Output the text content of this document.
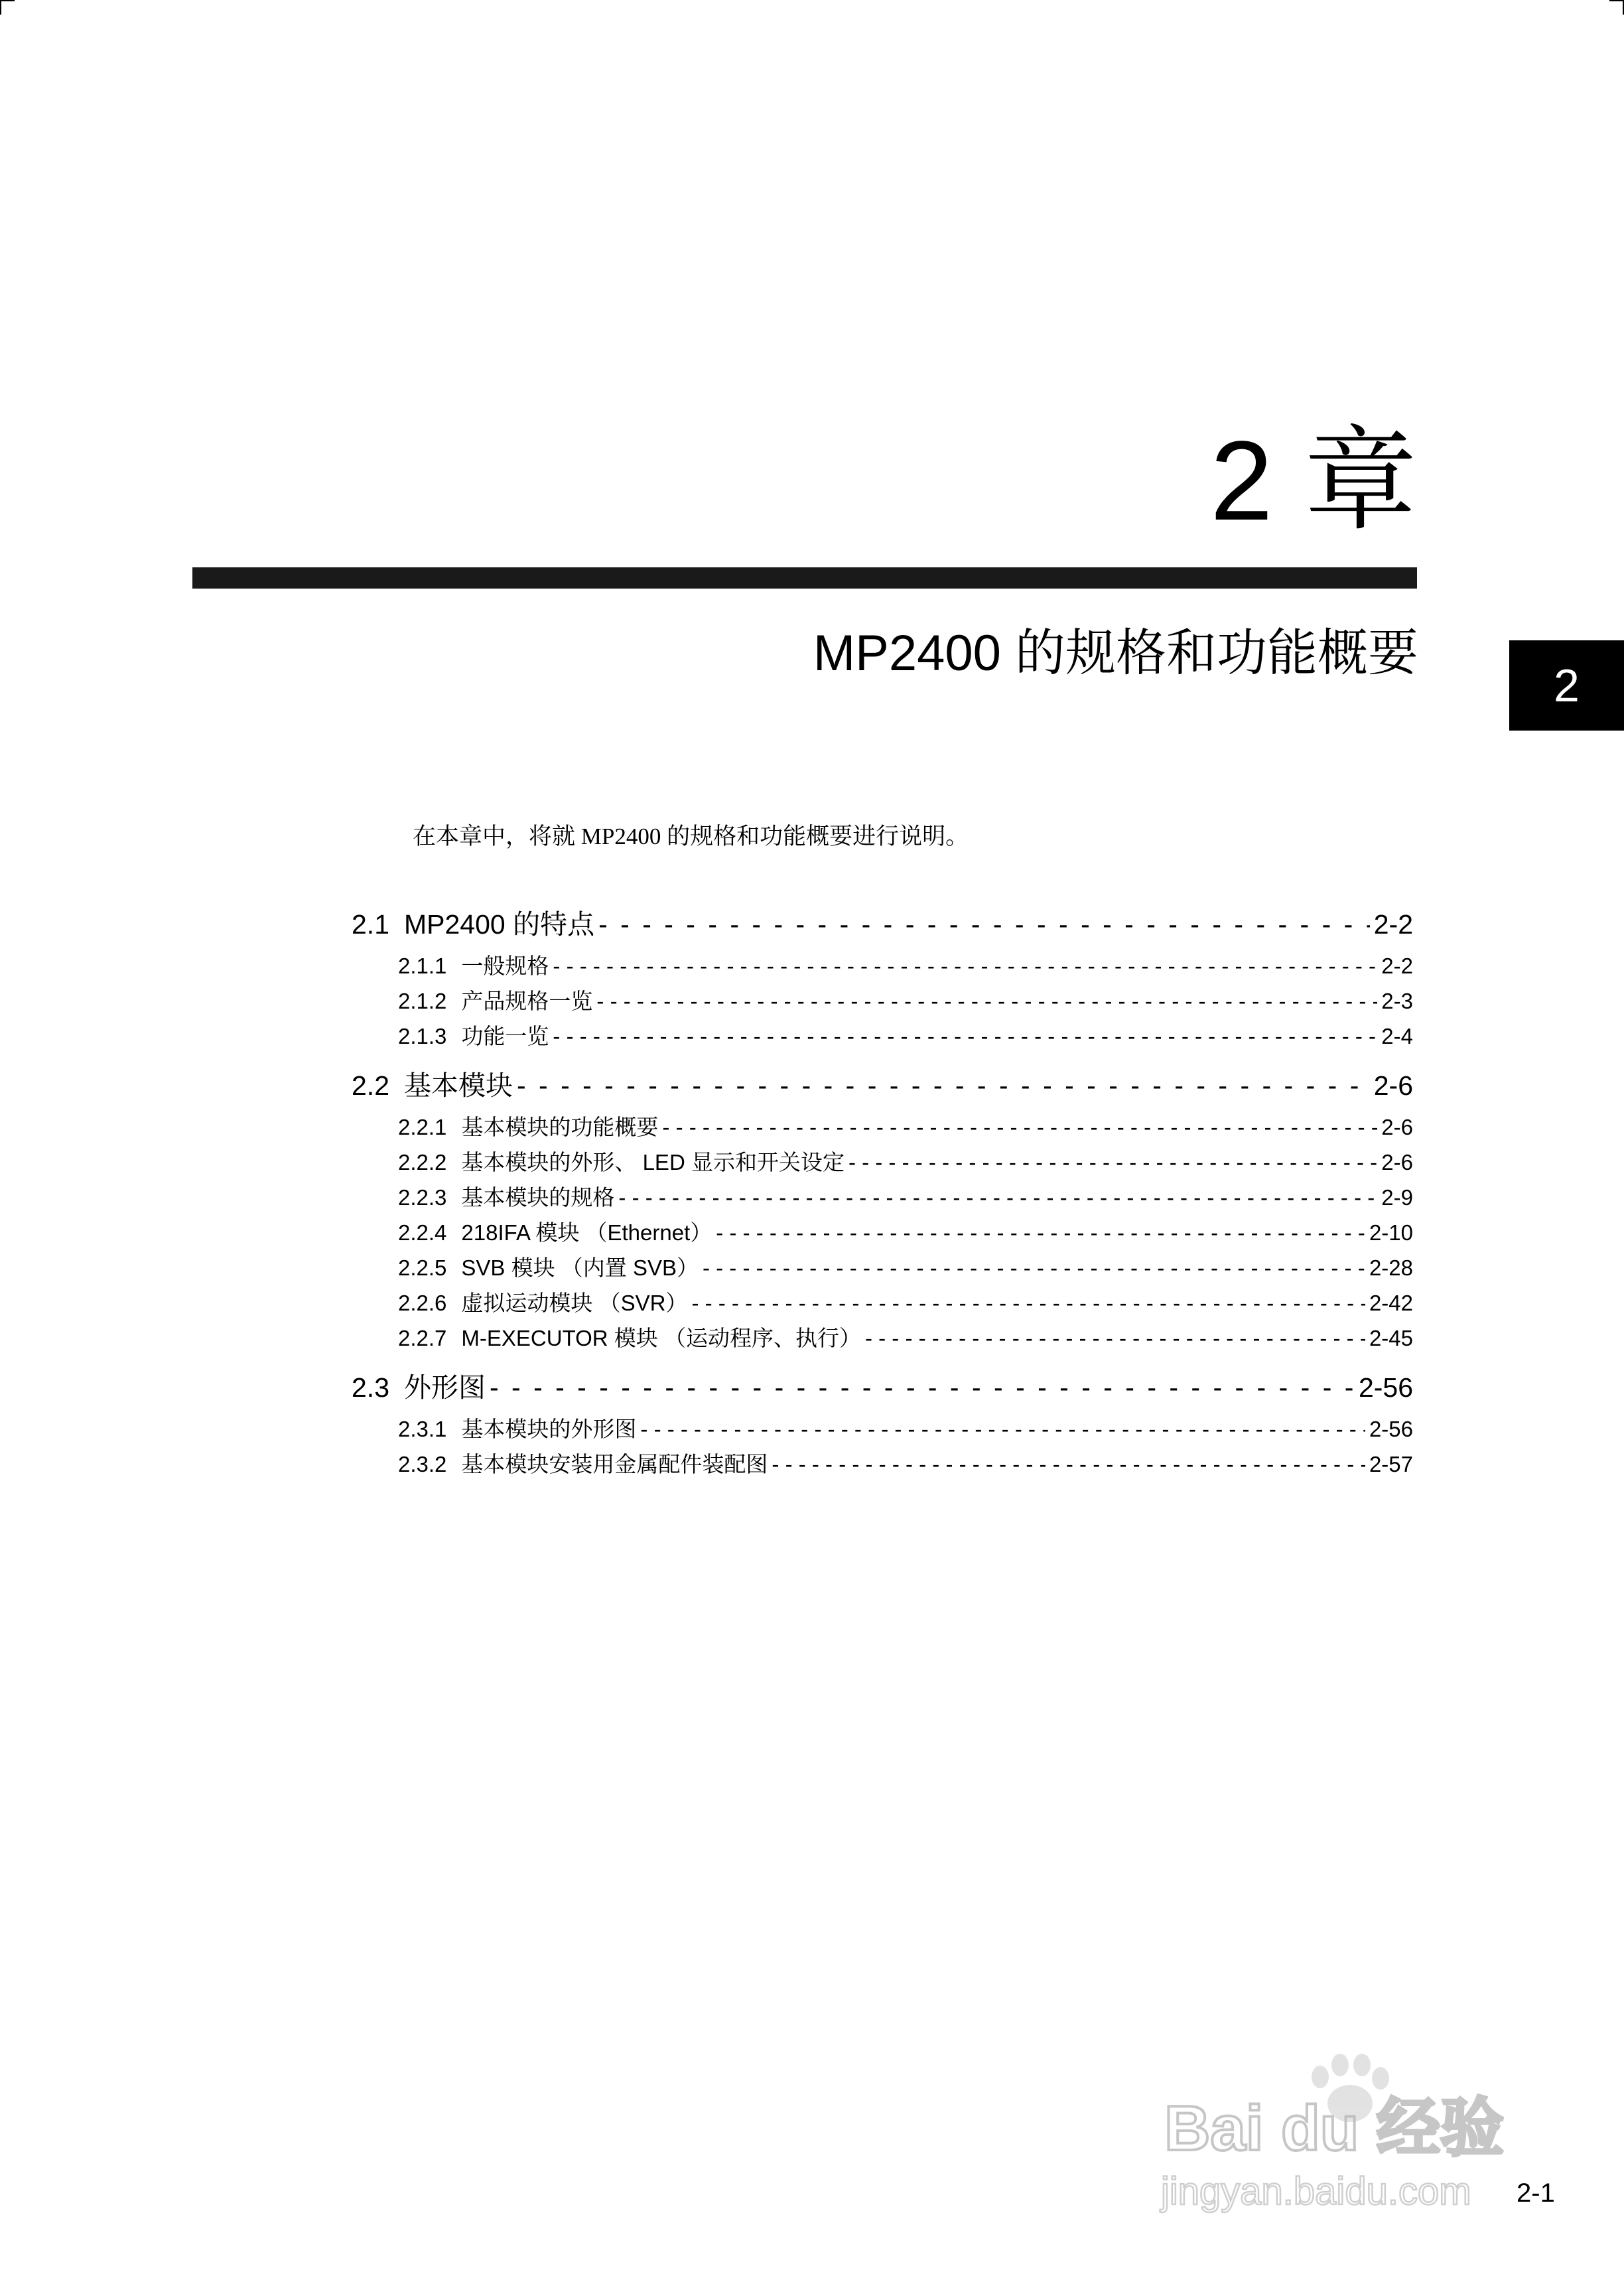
2 章
MP2400 的规格和功能概要
2
在本章中，将就 MP2400 的规格和功能概要进行说明。
2.1 MP2400 的特点 - - -	2-2
2.1.1 一般规格 - - -	2-2
2.1.2 产品规格一览 - - -	2-3
2.1.3 功能一览 - - -	2-4
2.2 基本模块 - - -	2-6
2.2.1 基本模块的功能概要 - - -	2-6
2.2.2 基本模块的外形、 LED 显示和开关设定 - - -	2-6
2.2.3 基本模块的规格 - - -	2-9
2.2.4 218IFA 模块 （Ethernet） - - -	2-10
2.2.5 SVB 模块 （内置 SVB） - - -	2-28
2.2.6 虚拟运动模块 （SVR） - - -	2-42
2.2.7 M-EXECUTOR 模块 （运动程序、执行） - - -	2-45
2.3 外形图 - - -	2-56
2.3.1 基本模块的外形图 - - -	2-56
2.3.2 基本模块安装用金属配件装配图 - - -	2-57
Bai du 经验
jingyan.baidu.com 2-1
